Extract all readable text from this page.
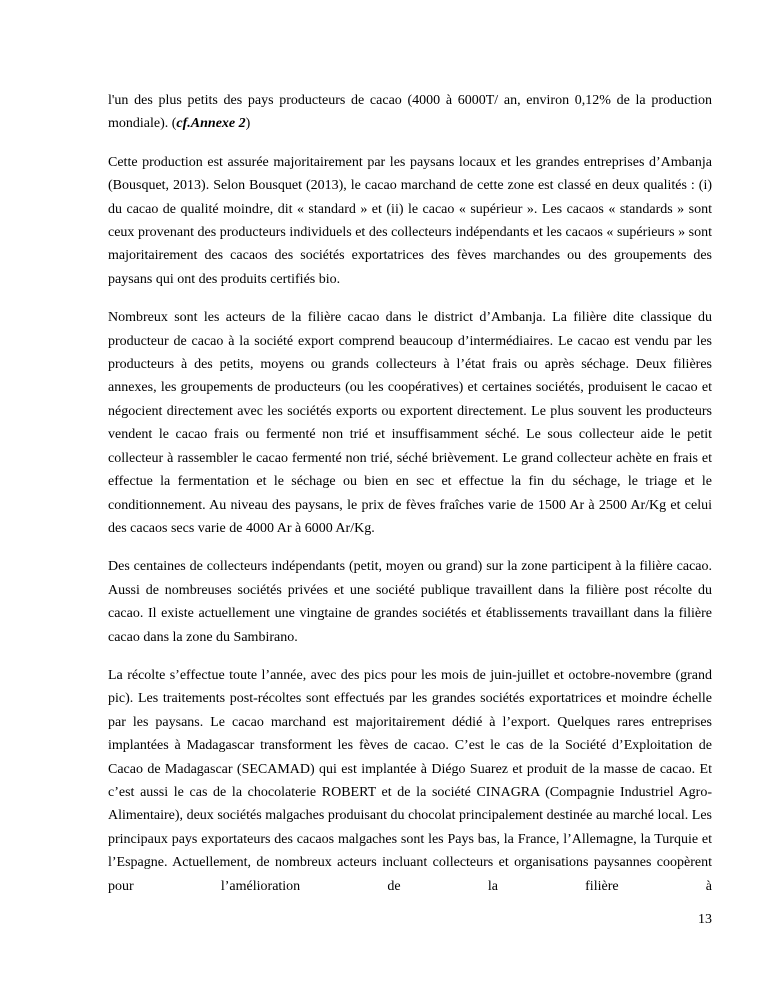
l'un des plus petits des pays producteurs de cacao (4000 à 6000T/ an, environ 0,12% de la production mondiale). (cf.Annexe 2)

Cette production est assurée majoritairement par les paysans locaux et les grandes entreprises d’Ambanja (Bousquet, 2013). Selon Bousquet (2013), le cacao marchand de cette zone est classé en deux qualités : (i) du cacao de qualité moindre, dit « standard » et (ii) le cacao « supérieur ». Les cacaos « standards » sont ceux provenant des producteurs individuels et des collecteurs indépendants et les cacaos « supérieurs » sont majoritairement des cacaos des sociétés exportatrices des fèves marchandes ou des groupements des paysans qui ont des produits certifiés bio.

Nombreux sont les acteurs de la filière cacao dans le district d’Ambanja. La filière dite classique du producteur de cacao à la société export comprend beaucoup d’intermédiaires. Le cacao est vendu par les producteurs à des petits, moyens ou grands collecteurs à l’état frais ou après séchage. Deux filières annexes, les groupements de producteurs (ou les coopératives) et certaines sociétés, produisent le cacao et négocient directement avec les sociétés exports ou exportent directement. Le plus souvent les producteurs vendent le cacao frais ou fermenté non trié et insuffisamment séché. Le sous collecteur aide le petit collecteur à rassembler le cacao fermenté non trié, séché brièvement. Le grand collecteur achète en frais et effectue la fermentation et le séchage ou bien en sec et effectue la fin du séchage, le triage et le conditionnement. Au niveau des paysans, le prix de fèves fraîches varie de 1500 Ar à 2500 Ar/Kg et celui des cacaos secs varie de 4000 Ar à 6000 Ar/Kg.

Des centaines de collecteurs indépendants (petit, moyen ou grand) sur la zone participent à la filière cacao. Aussi de nombreuses sociétés privées et une société publique travaillent dans la filière post récolte du cacao. Il existe actuellement une vingtaine de grandes sociétés et établissements travaillant dans la filière cacao dans la zone du Sambirano.

La récolte s’effectue toute l’année, avec des pics pour les mois de juin-juillet et octobre-novembre (grand pic). Les traitements post-récoltes sont effectués par les grandes sociétés exportatrices et moindre échelle par les paysans. Le cacao marchand est majoritairement dédié à l’export. Quelques rares entreprises implantées à Madagascar transforment les fèves de cacao. C’est le cas de la Société d’Exploitation de Cacao de Madagascar (SECAMAD) qui est implantée à Diégo Suarez et produit de la masse de cacao. Et c’est aussi le cas de la chocolaterie ROBERT et de la société CINAGRA (Compagnie Industriel Agro-Alimentaire), deux sociétés malgaches produisant du chocolat principalement destinée au marché local. Les principaux pays exportateurs des cacaos malgaches sont les Pays bas, la France, l’Allemagne, la Turquie et l’Espagne. Actuellement, de nombreux acteurs incluant collecteurs et organisations paysannes coopèrent pour l’amélioration de la filière à

13
